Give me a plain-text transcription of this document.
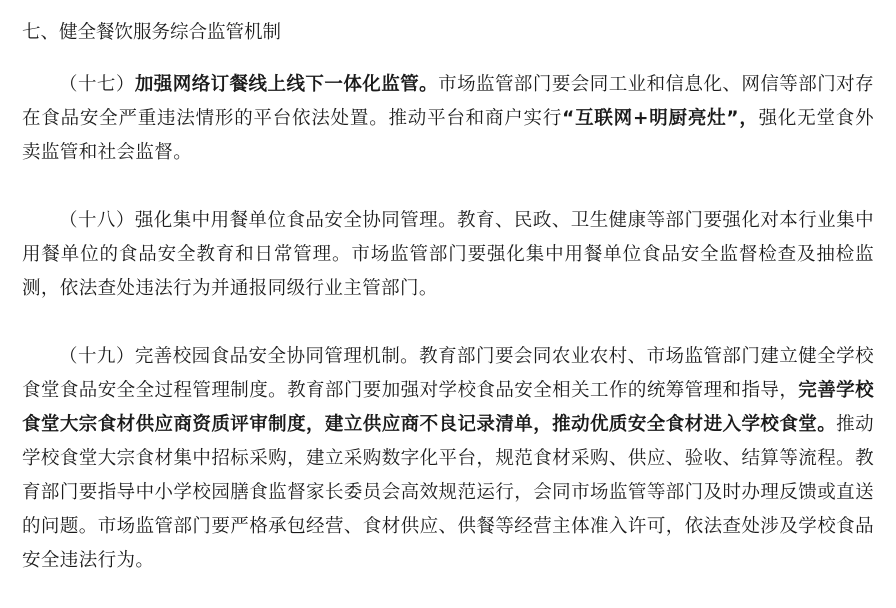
七、健全餐饮服务综合监管机制

（十七）加强网络订餐线上线下一体化监管。市场监管部门要会同工业和信息化、网信等部门对存在食品安全严重违法情形的平台依法处置。推动平台和商户实行“互联网+明厨亮灶”，强化无堂食外卖监管和社会监督。

（十八）强化集中用餐单位食品安全协同管理。教育、民政、卫生健康等部门要强化对本行业集中用餐单位的食品安全教育和日常管理。市场监管部门要强化集中用餐单位食品安全监督检查及抽检监测，依法查处违法行为并通报同级行业主管部门。

（十九）完善校园食品安全协同管理机制。教育部门要会同农业农村、市场监管部门建立健全学校食堂食品安全全过程管理制度。教育部门要加强对学校食品安全相关工作的统筹管理和指导，完善学校食堂大宗食材供应商资质评审制度，建立供应商不良记录清单，推动优质安全食材进入学校食堂。推动学校食堂大宗食材集中招标采购，建立采购数字化平台，规范食材采购、供应、验收、结算等流程。教育部门要指导中小学校园膳食监督家长委员会高效规范运行，会同市场监管等部门及时办理反馈或直送的问题。市场监管部门要严格承包经营、食材供应、供餐等经营主体准入许可，依法查处涉及学校食品安全违法行为。
